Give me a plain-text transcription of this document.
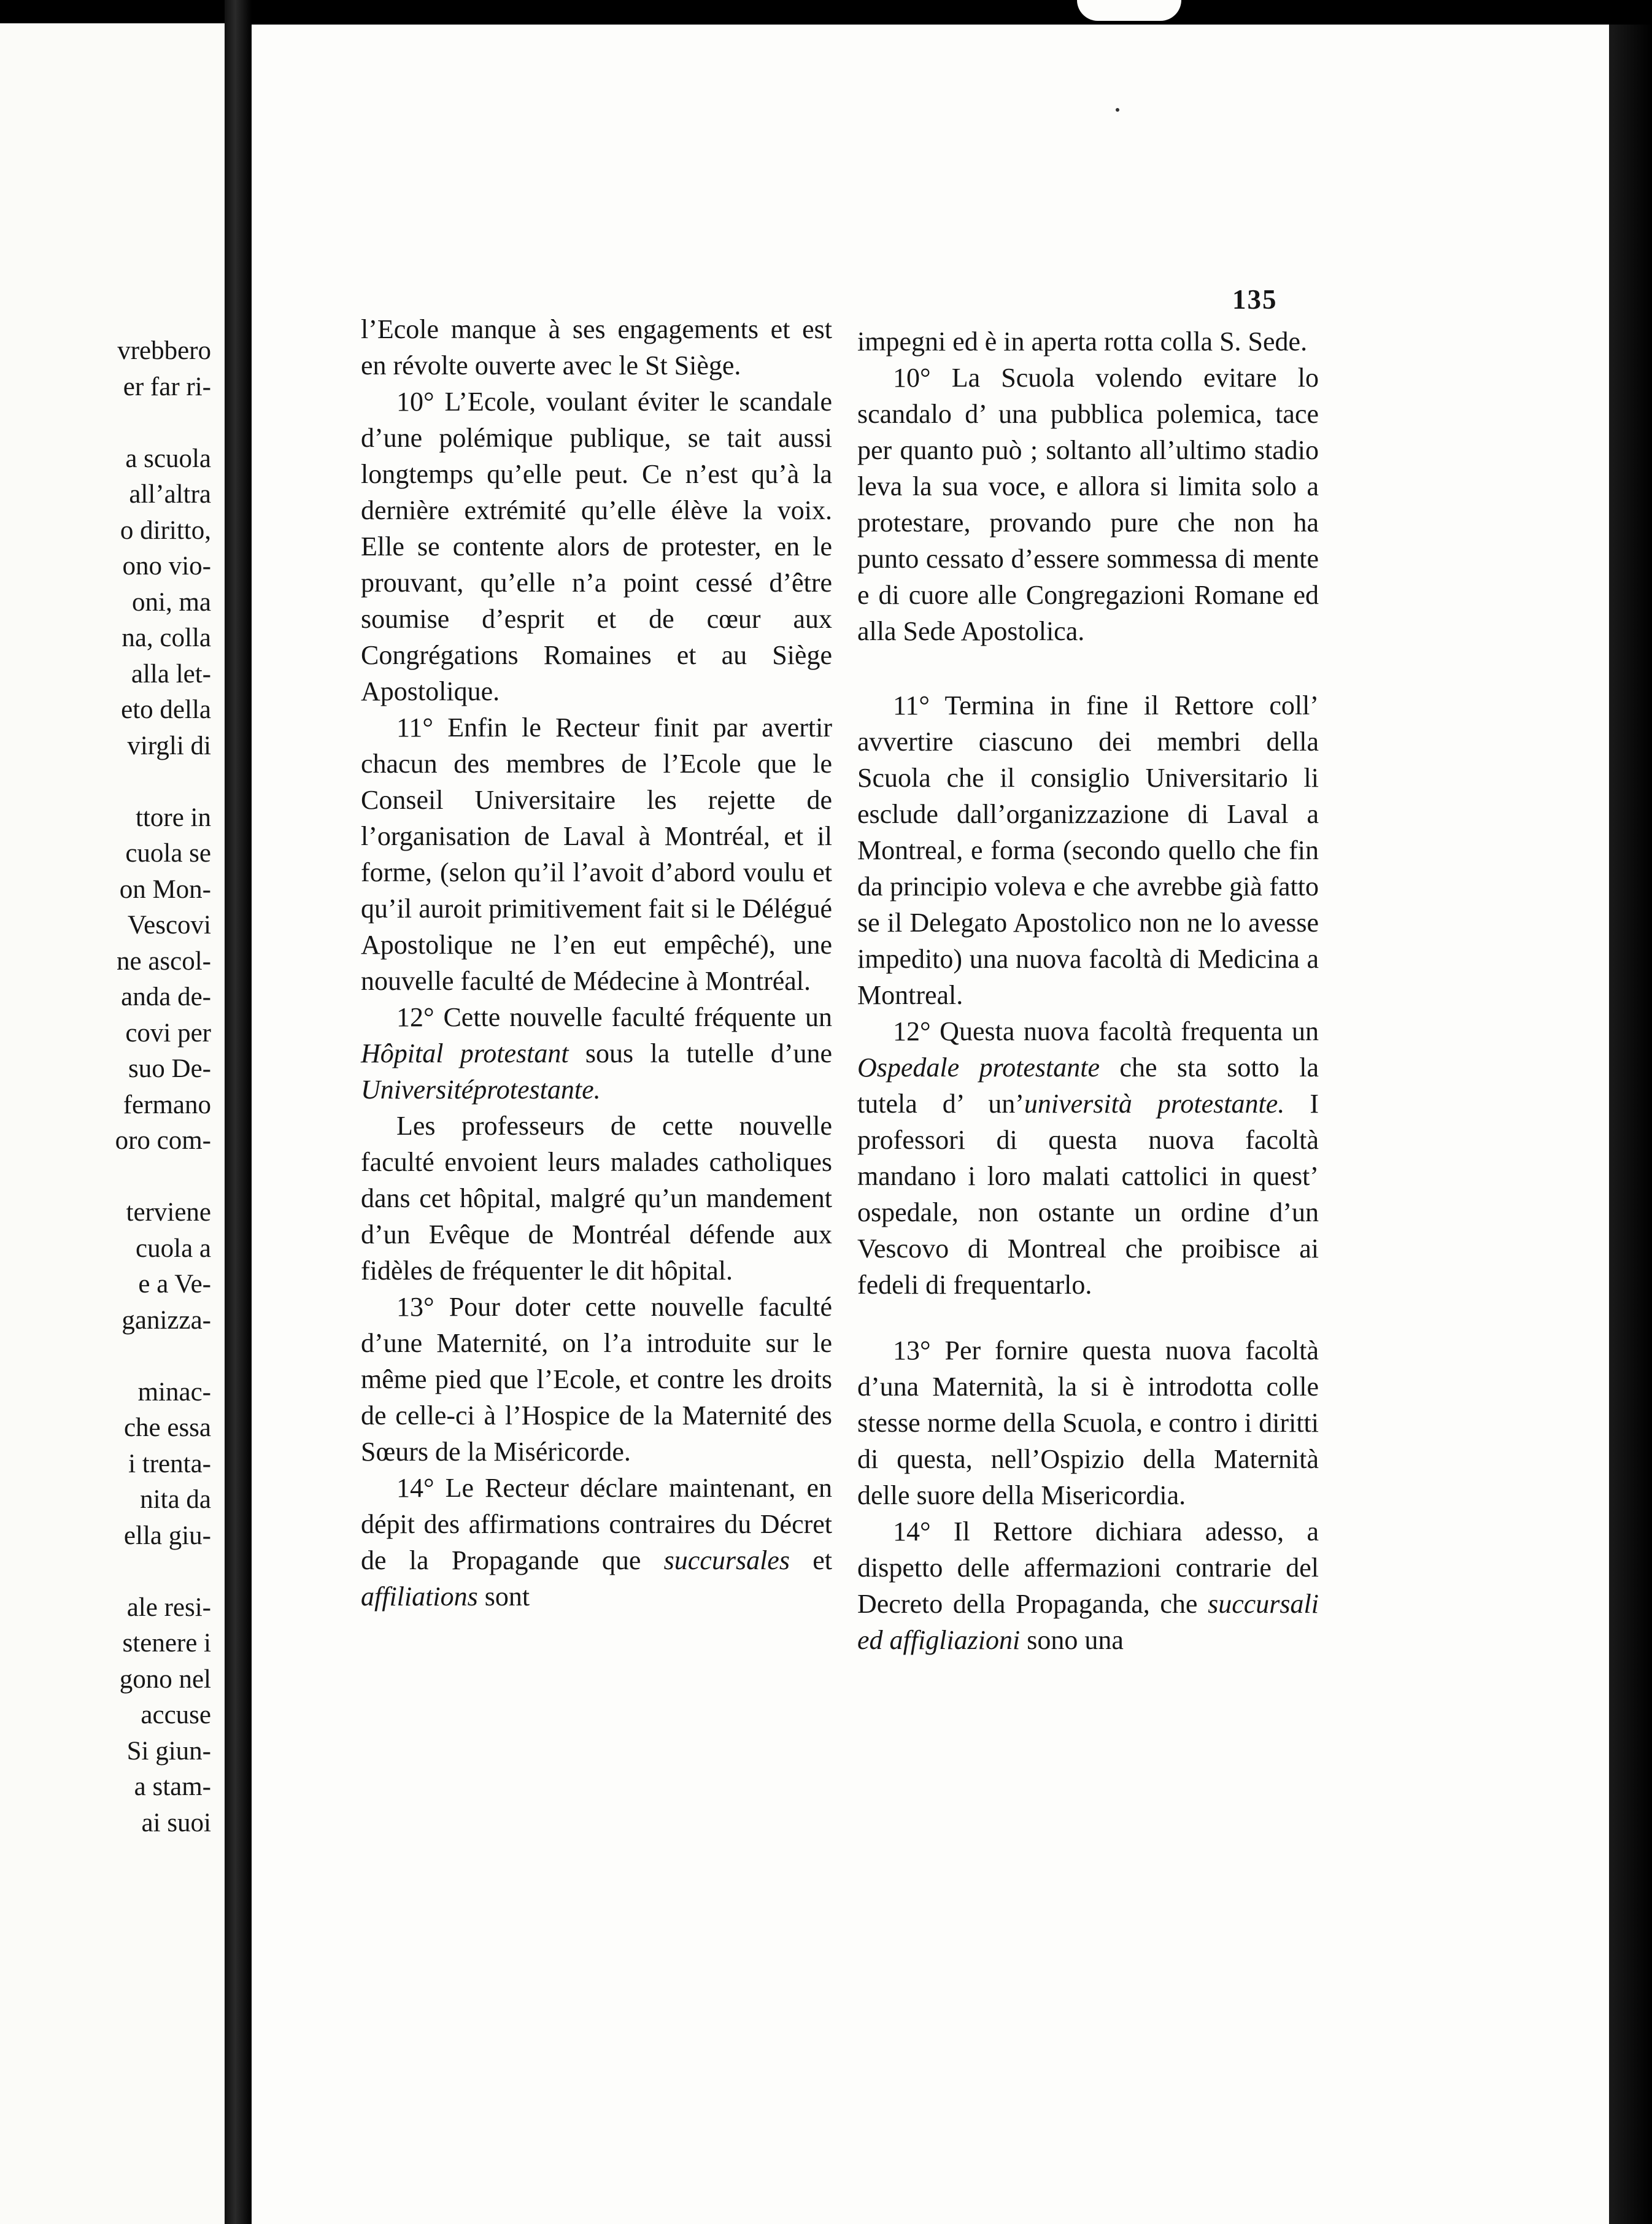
vrebbero
er far ri-
a scuola
all’altra
o diritto,
ono vio-
oni, ma
na, colla
alla let-
eto della
virgli di
ttore in
cuola se
on Mon-
Vescovi
ne ascol-
anda de-
covi per
suo De-
fermano
oro com-
terviene
cuola a
e a Ve-
ganizza-
minac-
che essa
i trenta-
nita da
ella giu-
ale resi-
stenere i
gono nel
accuse
Si giun-
a stam-
ai suoi
135

l’Ecole manque à ses engagements et est en révolte ouverte avec le St Siège.

10° L’Ecole, voulant éviter le scandale d’une polémique publique, se tait aussi longtemps qu’elle peut. Ce n’est qu’à la dernière extrémité qu’elle élève la voix. Elle se contente alors de protester, en le prouvant, qu’elle n’a point cessé d’être soumise d’esprit et de cœur aux Congrégations Romaines et au Siège Apostolique.

11° Enfin le Recteur finit par avertir chacun des membres de l’Ecole que le Conseil Universitaire les rejette de l’organisation de Laval à Montréal, et il forme, (selon qu’il l’avoit d’abord voulu et qu’il auroit primitivement fait si le Délégué Apostolique ne l’en eut empêché), une nouvelle faculté de Médecine à Montréal.

12° Cette nouvelle faculté fréquente un Hôpital protestant sous la tutelle d’une Universitéprotestante.

Les professeurs de cette nouvelle faculté envoient leurs malades catholiques dans cet hôpital, malgré qu’un mandement d’un Evêque de Montréal défende aux fidèles de fréquenter le dit hôpital.

13° Pour doter cette nouvelle faculté d’une Maternité, on l’a introduite sur le même pied que l’Ecole, et contre les droits de celle-ci à l’Hospice de la Maternité des Sœurs de la Miséricorde.

14° Le Recteur déclare maintenant, en dépit des affirmations contraires du Décret de la Propagande que succursales et affiliations sont

impegni ed è in aperta rotta colla S. Sede.

10° La Scuola volendo evitare lo scandalo d’ una pubblica polemica, tace per quanto può ; soltanto all’ultimo stadio leva la sua voce, e allora si limita solo a protestare, provando pure che non ha punto cessato d’essere sommessa di mente e di cuore alle Congregazioni Romane ed alla Sede Apostolica.

11° Termina in fine il Rettore coll’ avvertire ciascuno dei membri della Scuola che il consiglio Universitario li esclude dall’organizzazione di Laval a Montreal, e forma (secondo quello che fin da principio voleva e che avrebbe già fatto se il Delegato Apostolico non ne lo avesse impedito) una nuova facoltà di Medicina a Montreal.

12° Questa nuova facoltà frequenta un Ospedale protestante che sta sotto la tutela d’ un’università protestante. I professori di questa nuova facoltà mandano i loro malati cattolici in quest’ ospedale, non ostante un ordine d’un Vescovo di Montreal che proibisce ai fedeli di frequentarlo.

13° Per fornire questa nuova facoltà d’una Maternità, la si è introdotta colle stesse norme della Scuola, e contro i diritti di questa, nell’Ospizio della Maternità delle suore della Misericordia.

14° Il Rettore dichiara adesso, a dispetto delle affermazioni contrarie del Decreto della Propaganda, che succursali ed affigliazioni sono una
